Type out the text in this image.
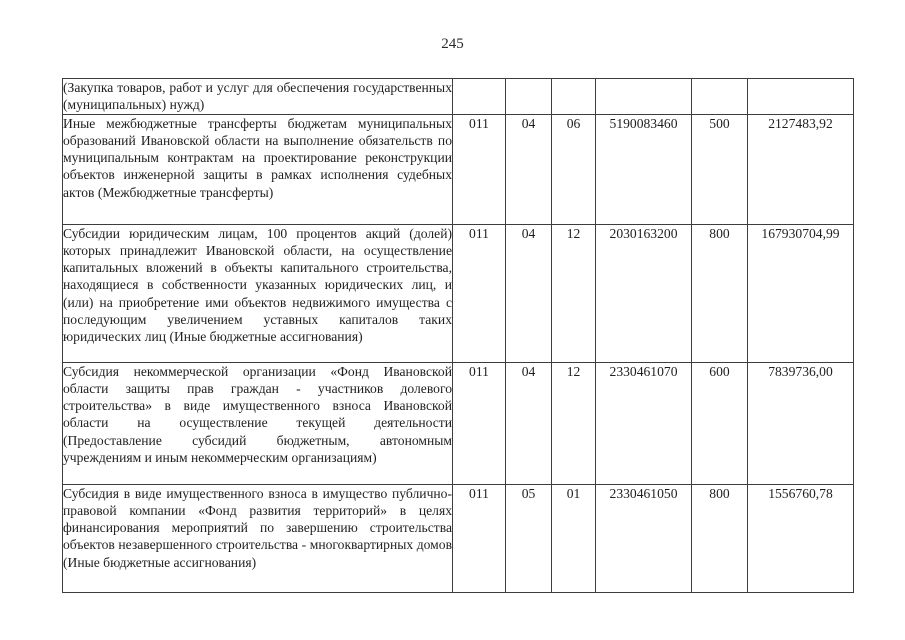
245
(Закупка товаров, работ и услуг для обеспечения государственных (муниципальных) нужд)						
Иные межбюджетные трансферты бюджетам муниципальных образований Ивановской области на выполнение обязательств по муниципальным контрактам на проектирование реконструкции объектов инженерной защиты в рамках исполнения судебных актов (Межбюджетные трансферты)	011	04	06	5190083460	500	2127483,92
Субсидии юридическим лицам, 100 процентов акций (долей) которых принадлежит Ивановской области, на осуществление капитальных вложений в объекты капитального строительства, находящиеся в собственности указанных юридических лиц, и (или) на приобретение ими объектов недвижимого имущества с последующим увеличением уставных капиталов таких юридических лиц (Иные бюджетные ассигнования)	011	04	12	2030163200	800	167930704,99
Субсидия некоммерческой организации «Фонд Ивановской области защиты прав граждан - участников долевого строительства» в виде имущественного взноса Ивановской области на осуществление текущей деятельности (Предоставление субсидий бюджетным, автономным учреждениям и иным некоммерческим организациям)	011	04	12	2330461070	600	7839736,00
Субсидия в виде имущественного взноса в имущество публично-правовой компании «Фонд развития территорий» в целях финансирования мероприятий по завершению строительства объектов незавершенного строительства - многоквартирных домов (Иные бюджетные ассигнования)	011	05	01	2330461050	800	1556760,78
